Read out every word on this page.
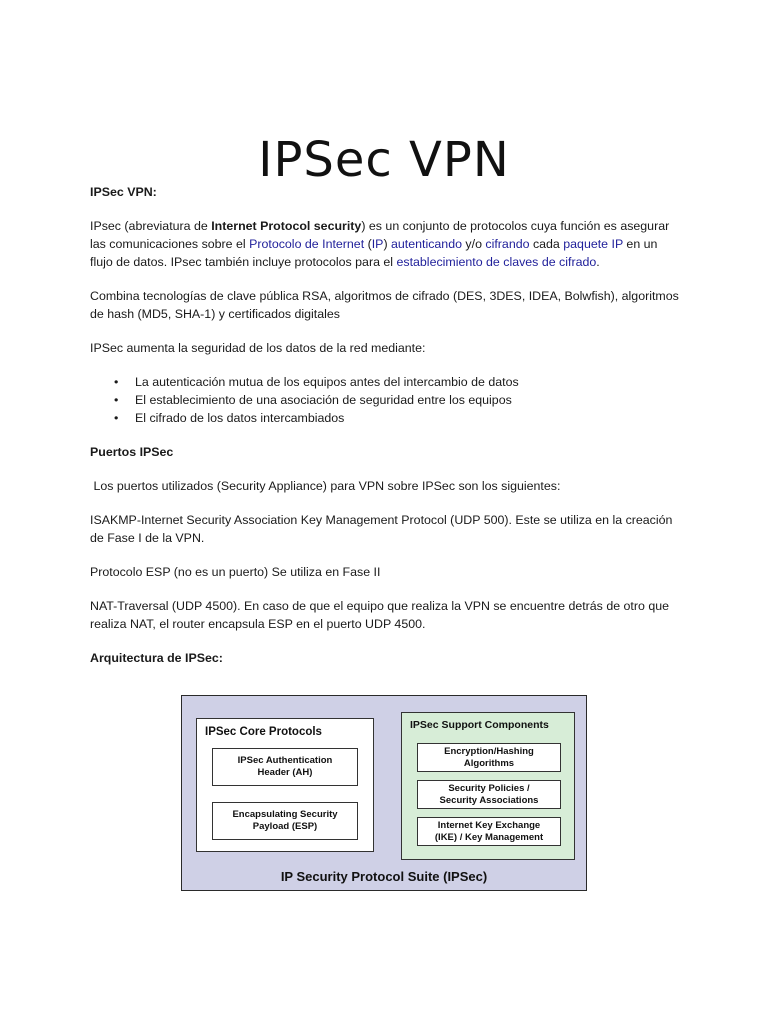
IPSec VPN

IPSec VPN:

IPsec (abreviatura de Internet Protocol security) es un conjunto de protocolos cuya función es asegurar las comunicaciones sobre el Protocolo de Internet (IP) autenticando y/o cifrando cada paquete IP en un flujo de datos. IPsec también incluye protocolos para el establecimiento de claves de cifrado.

Combina tecnologías de clave pública RSA, algoritmos de cifrado (DES, 3DES, IDEA, Bolwfish), algoritmos de hash (MD5, SHA-1) y certificados digitales

IPSec aumenta la seguridad de los datos de la red mediante:

• La autenticación mutua de los equipos antes del intercambio de datos
• El establecimiento de una asociación de seguridad entre los equipos
• El cifrado de los datos intercambiados

Puertos IPSec

Los puertos utilizados (Security Appliance) para VPN sobre IPSec son los siguientes:

ISAKMP-Internet Security Association Key Management Protocol (UDP 500). Este se utiliza en la creación de Fase I de la VPN.

Protocolo ESP (no es un puerto) Se utiliza en Fase II

NAT-Traversal (UDP 4500). En caso de que el equipo que realiza la VPN se encuentre detrás de otro que realiza NAT, el router encapsula ESP en el puerto UDP 4500.

Arquitectura de IPSec:

IPSec Core Protocols
IPSec Authentication
Header (AH)
Encapsulating Security
Payload (ESP)
IPSec Support Components
Encryption/Hashing
Algorithms
Security Policies /
Security Associations
Internet Key Exchange
(IKE) / Key Management
IP Security Protocol Suite (IPSec)
